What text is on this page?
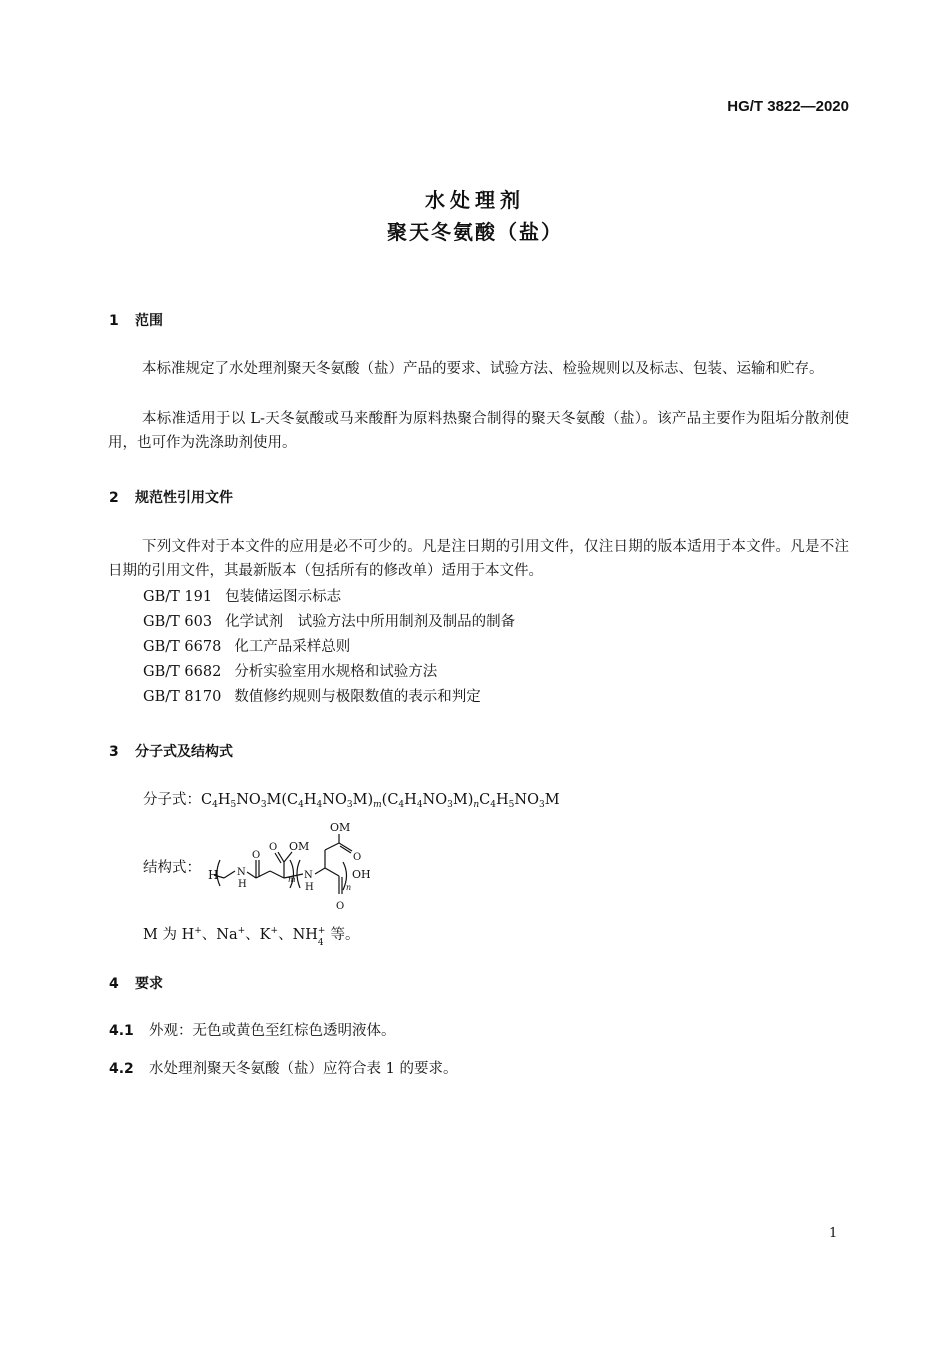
HG/T 3822—2020
水处理剂
聚天冬氨酸（盐）
1 范围
本标准规定了水处理剂聚天冬氨酸（盐）产品的要求、试验方法、检验规则以及标志、包装、运输和贮存。
本标准适用于以 L-天冬氨酸或马来酸酐为原料热聚合制得的聚天冬氨酸（盐）。该产品主要作为阻垢分散剂使用，也可作为洗涤助剂使用。
2 规范性引用文件
下列文件对于本文件的应用是必不可少的。凡是注日期的引用文件，仅注日期的版本适用于本文件。凡是不注日期的引用文件，其最新版本（包括所有的修改单）适用于本文件。
GB/T 191 包装储运图示标志
GB/T 603 化学试剂　试验方法中所用制剂及制品的制备
GB/T 6678 化工产品采样总则
GB/T 6682 分析实验室用水规格和试验方法
GB/T 8170 数值修约规则与极限数值的表示和判定
3 分子式及结构式
分子式：$C_4H_5NO_3M(C_4H_4NO_3M)_m(C_4H_4NO_3M)_nC_4H_5NO_3M$
结构式： H N
H
O
O OM
m N
H
OM
O
OH
O
n
M 为 H+、Na+、K+、NH +
4 等。
4 要求
4.1 外观：无色或黄色至红棕色透明液体。
4.2 水处理剂聚天冬氨酸（盐）应符合表 1 的要求。
1
